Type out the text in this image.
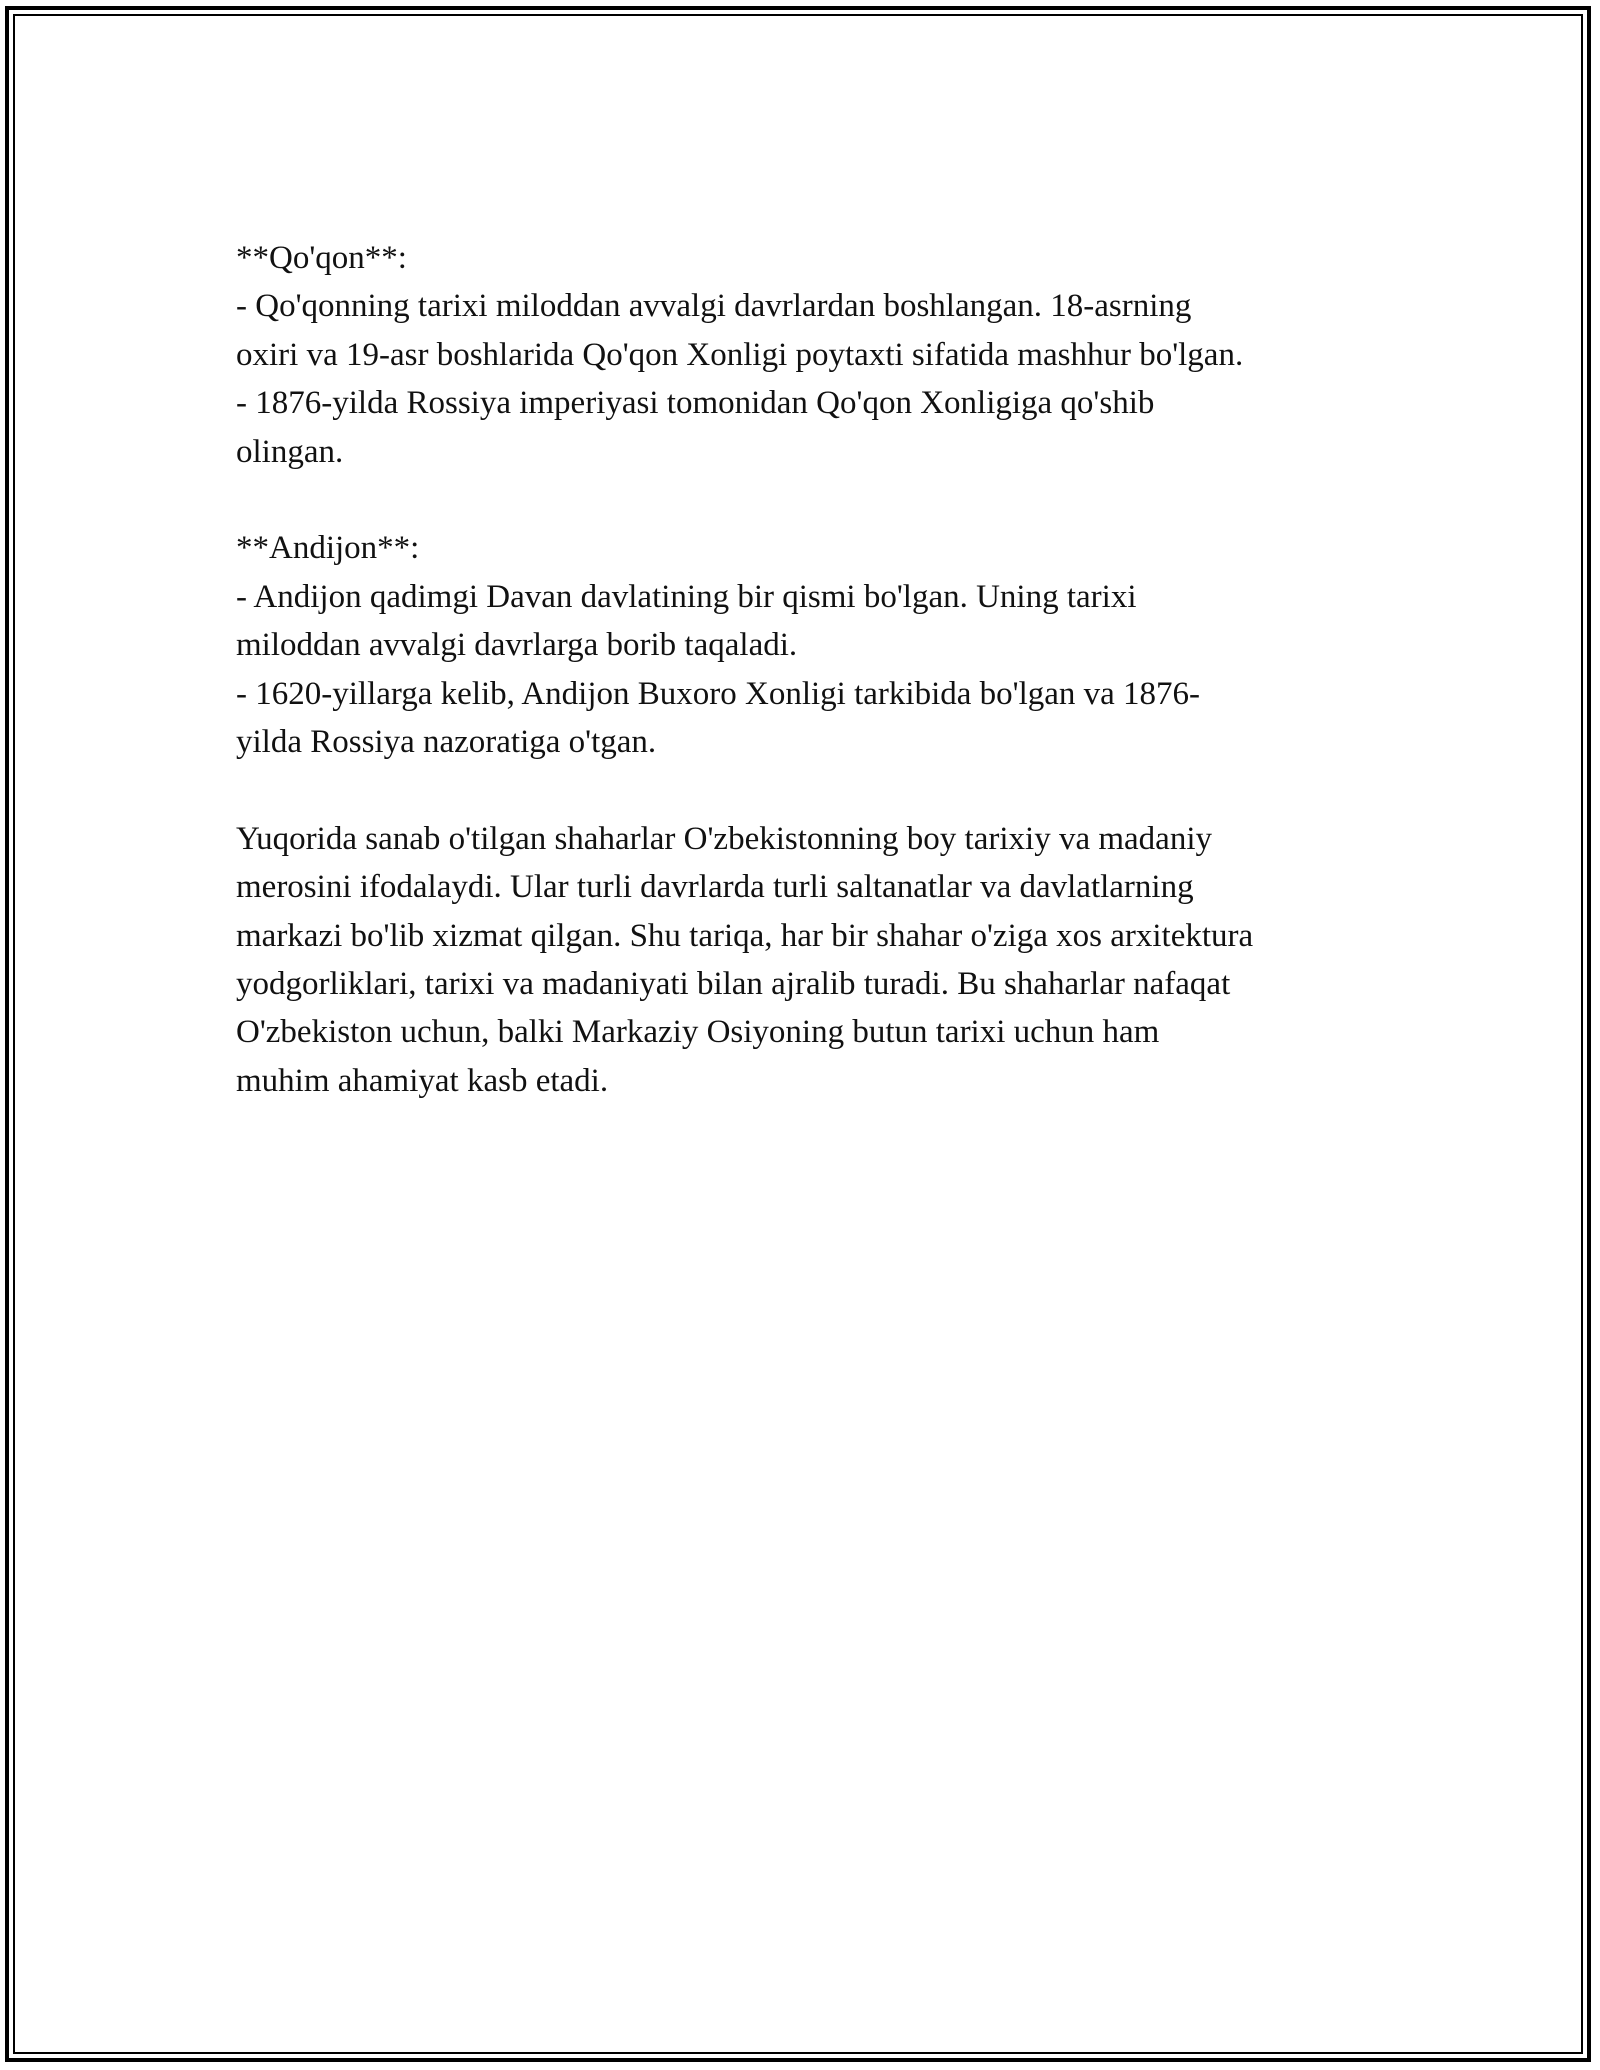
**Qo'qon**:
- Qo'qonning tarixi miloddan avvalgi davrlardan boshlangan. 18-asrning
oxiri va 19-asr boshlarida Qo'qon Xonligi poytaxti sifatida mashhur bo'lgan.
- 1876-yilda Rossiya imperiyasi tomonidan Qo'qon Xonligiga qo'shib
olingan.
**Andijon**:
- Andijon qadimgi Davan davlatining bir qismi bo'lgan. Uning tarixi
miloddan avvalgi davrlarga borib taqaladi.
- 1620-yillarga kelib, Andijon Buxoro Xonligi tarkibida bo'lgan va 1876-
yilda Rossiya nazoratiga o'tgan.
Yuqorida sanab o'tilgan shaharlar O'zbekistonning boy tarixiy va madaniy
merosini ifodalaydi. Ular turli davrlarda turli saltanatlar va davlatlarning
markazi bo'lib xizmat qilgan. Shu tariqa, har bir shahar o'ziga xos arxitektura
yodgorliklari, tarixi va madaniyati bilan ajralib turadi. Bu shaharlar nafaqat
O'zbekiston uchun, balki Markaziy Osiyoning butun tarixi uchun ham
muhim ahamiyat kasb etadi.
